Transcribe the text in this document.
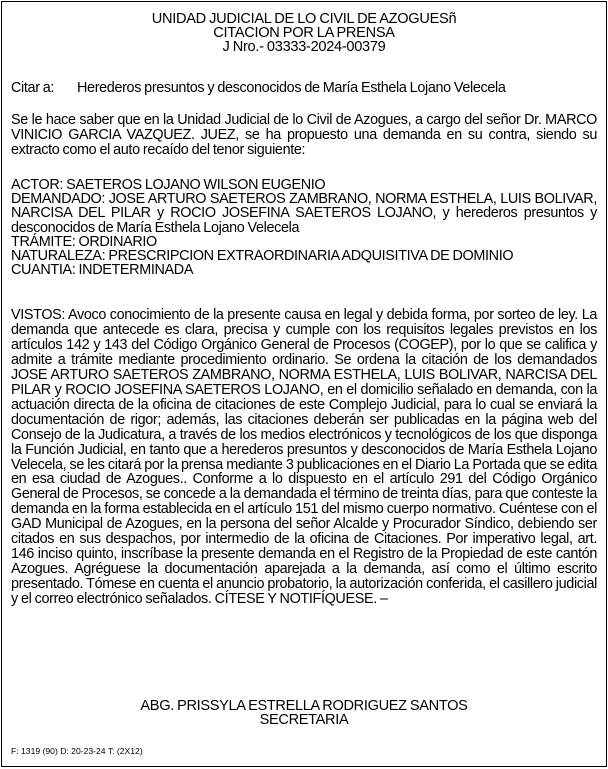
UNIDAD JUDICIAL DE LO CIVIL DE AZOGUESñ
CITACION POR LA PRENSA
J Nro.- 03333-2024-00379
Citar a: Herederos presuntos y desconocidos de María Esthela Lojano Velecela
Se le hace saber que en la Unidad Judicial de lo Civil de Azogues, a cargo del señor Dr. MARCO VINICIO GARCIA VAZQUEZ. JUEZ, se ha propuesto una demanda en su contra, siendo su extracto como el auto recaído del tenor siguiente:
ACTOR: SAETEROS LOJANO WILSON EUGENIO
DEMANDADO: JOSE ARTURO SAETEROS ZAMBRANO, NORMA ESTHELA, LUIS BOLIVAR, NARCISA DEL PILAR y ROCIO JOSEFINA SAETEROS LOJANO, y herederos presuntos y desconocidos de María Esthela Lojano Velecela
TRÁMITE: ORDINARIO
NATURALEZA: PRESCRIPCION EXTRAORDINARIA ADQUISITIVA DE DOMINIO
CUANTIA: INDETERMINADA
VISTOS: Avoco conocimiento de la presente causa en legal y debida forma, por sorteo de ley. La demanda que antecede es clara, precisa y cumple con los requisitos legales previstos en los artículos 142 y 143 del Código Orgánico General de Procesos (COGEP), por lo que se califica y admite a trámite mediante procedimiento ordinario. Se ordena la citación de los demandados JOSE ARTURO SAETEROS ZAMBRANO, NORMA ESTHELA, LUIS BOLIVAR, NARCISA DEL PILAR y ROCIO JOSEFINA SAETEROS LOJANO, en el domicilio señalado en demanda, con la actuación directa de la oficina de citaciones de este Complejo Judicial, para lo cual se enviará la documentación de rigor; además, las citaciones deberán ser publicadas en la página web del Consejo de la Judicatura, a través de los medios electrónicos y tecnológicos de los que disponga la Función Judicial, en tanto que a herederos presuntos y desconocidos de María Esthela Lojano Velecela, se les citará por la prensa mediante 3 publicaciones en el Diario La Portada que se edita en esa ciudad de Azogues.. Conforme a lo dispuesto en el artículo 291 del Código Orgánico General de Procesos, se concede a la demandada el término de treinta días, para que conteste la demanda en la forma establecida en el artículo 151 del mismo cuerpo normativo. Cuéntese con el GAD Municipal de Azogues, en la persona del señor Alcalde y Procurador Síndico, debiendo ser citados en sus despachos, por intermedio de la oficina de Citaciones. Por imperativo legal, art. 146 inciso quinto, inscríbase la presente demanda en el Registro de la Propiedad de este cantón Azogues. Agréguese la documentación aparejada a la demanda, así como el último escrito presentado. Tómese en cuenta el anuncio probatorio, la autorización conferida, el casillero judicial y el correo electrónico señalados. CÍTESE Y NOTIFÍQUESE. –
ABG. PRISSYLA ESTRELLA RODRIGUEZ SANTOS
SECRETARIA
F: 1319 (90) D: 20-23-24 T: (2X12)
